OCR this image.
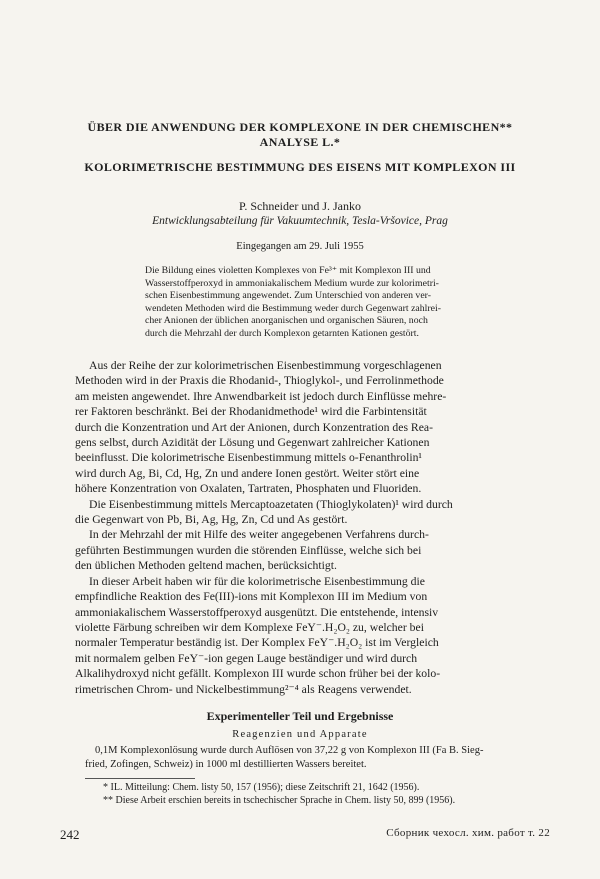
ÜBER DIE ANWENDUNG DER KOMPLEXONE IN DER CHEMISCHEN**
ANALYSE L.*
KOLORIMETRISCHE BESTIMMUNG DES EISENS MIT KOMPLEXON III
P. Schneider und J. Janko
Entwicklungsabteilung für Vakuumtechnik, Tesla-Vršovice, Prag
Eingegangen am 29. Juli 1955
Die Bildung eines violetten Komplexes von Fe³⁺ mit Komplexon III und
Wasserstoffperoxyd in ammoniakalischem Medium wurde zur kolorimetri-
schen Eisenbestimmung angewendet. Zum Unterschied von anderen ver-
wendeten Methoden wird die Bestimmung weder durch Gegenwart zahlrei-
cher Anionen der üblichen anorganischen und organischen Säuren, noch
durch die Mehrzahl der durch Komplexon getarnten Kationen gestört.
Aus der Reihe der zur kolorimetrischen Eisenbestimmung vorgeschlagenen
Methoden wird in der Praxis die Rhodanid-, Thioglykol-, und Ferrolinmethode
am meisten angewendet. Ihre Anwendbarkeit ist jedoch durch Einflüsse mehre-
rer Faktoren beschränkt. Bei der Rhodanidmethode¹ wird die Farbintensität
durch die Konzentration und Art der Anionen, durch Konzentration des Rea-
gens selbst, durch Azidität der Lösung und Gegenwart zahlreicher Kationen
beeinflusst. Die kolorimetrische Eisenbestimmung mittels o-Fenanthrolin¹
wird durch Ag, Bi, Cd, Hg, Zn und andere Ionen gestört. Weiter stört eine
höhere Konzentration von Oxalaten, Tartraten, Phosphaten und Fluoriden.
Die Eisenbestimmung mittels Mercaptoazetaten (Thioglykolaten)¹ wird durch
die Gegenwart von Pb, Bi, Ag, Hg, Zn, Cd und As gestört.
In der Mehrzahl der mit Hilfe des weiter angegebenen Verfahrens durch-
geführten Bestimmungen wurden die störenden Einflüsse, welche sich bei
den üblichen Methoden geltend machen, berücksichtigt.
In dieser Arbeit haben wir für die kolorimetrische Eisenbestimmung die
empfindliche Reaktion des Fe(III)-ions mit Komplexon III im Medium von
ammoniakalischem Wasserstoffperoxyd ausgenützt. Die entstehende, intensiv
violette Färbung schreiben wir dem Komplexe FeY⁻.H₂O₂ zu, welcher bei
normaler Temperatur beständig ist. Der Komplex FeY⁻.H₂O₂ ist im Vergleich
mit normalem gelben FeY⁻-ion gegen Lauge beständiger und wird durch
Alkalihydroxyd nicht gefällt. Komplexon III wurde schon früher bei der kolo-
rimetrischen Chrom- und Nickelbestimmung²⁻⁴ als Reagens verwendet.
Experimenteller Teil und Ergebnisse
Reagenzien und Apparate
0,1M Komplexonlösung wurde durch Auflösen von 37,22 g von Komplexon III (Fa B. Sieg-
fried, Zofingen, Schweiz) in 1000 ml destillierten Wassers bereitet.
* IL. Mitteilung: Chem. listy 50, 157 (1956); diese Zeitschrift 21, 1642 (1956).
** Diese Arbeit erschien bereits in tschechischer Sprache in Chem. listy 50, 899 (1956).
242	Сборник чехосл. хим. работ т. 22
